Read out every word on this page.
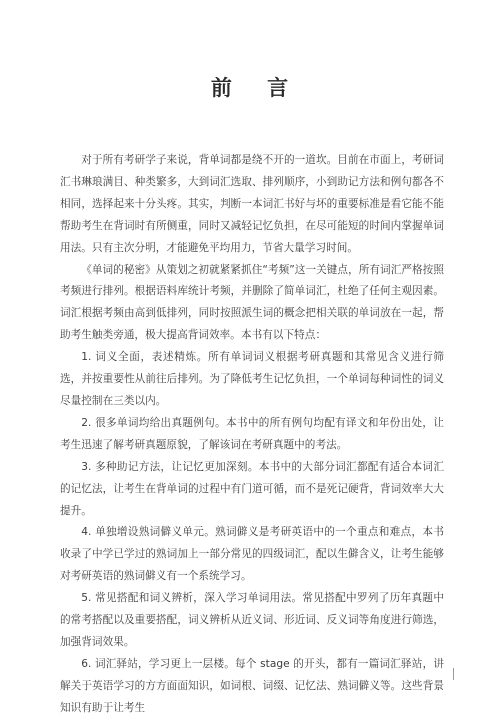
前 言

对于所有考研学子来说，背单词都是绕不开的一道坎。目前在市面上，考研词汇书琳琅满目、种类繁多，大到词汇选取、排列顺序，小到助记方法和例句都各不相同，选择起来十分头疼。其实，判断一本词汇书好与坏的重要标准是看它能不能帮助考生在背词时有所侧重，同时又减轻记忆负担，在尽可能短的时间内掌握单词用法。只有主次分明，才能避免平均用力，节省大量学习时间。

《单词的秘密》从策划之初就紧紧抓住“考频”这一关键点，所有词汇严格按照考频进行排列。根据语料库统计考频，并删除了简单词汇，杜绝了任何主观因素。词汇根据考频由高到低排列，同时按照派生词的概念把相关联的单词放在一起，帮助考生触类旁通，极大提高背词效率。本书有以下特点：

1. 词义全面，表述精炼。所有单词词义根据考研真题和其常见含义进行筛选，并按重要性从前往后排列。为了降低考生记忆负担，一个单词每种词性的词义尽量控制在三类以内。

2. 很多单词均给出真题例句。本书中的所有例句均配有译文和年份出处，让考生迅速了解考研真题原貌，了解该词在考研真题中的考法。

3. 多种助记方法，让记忆更加深刻。本书中的大部分词汇都配有适合本词汇的记忆法，让考生在背单词的过程中有门道可循，而不是死记硬背，背词效率大大提升。

4. 单独增设熟词僻义单元。熟词僻义是考研英语中的一个重点和难点，本书收录了中学已学过的熟词加上一部分常见的四级词汇，配以生僻含义，让考生能够对考研英语的熟词僻义有一个系统学习。

5. 常见搭配和词义辨析，深入学习单词用法。常见搭配中罗列了历年真题中的常考搭配以及重要搭配，词义辨析从近义词、形近词、反义词等角度进行筛选，加强背词效果。

6. 词汇驿站，学习更上一层楼。每个 stage 的开头，都有一篇词汇驿站，讲解关于英语学习的方方面面知识，如词根、词缀、记忆法、熟词僻义等。这些背景知识有助于让考生
